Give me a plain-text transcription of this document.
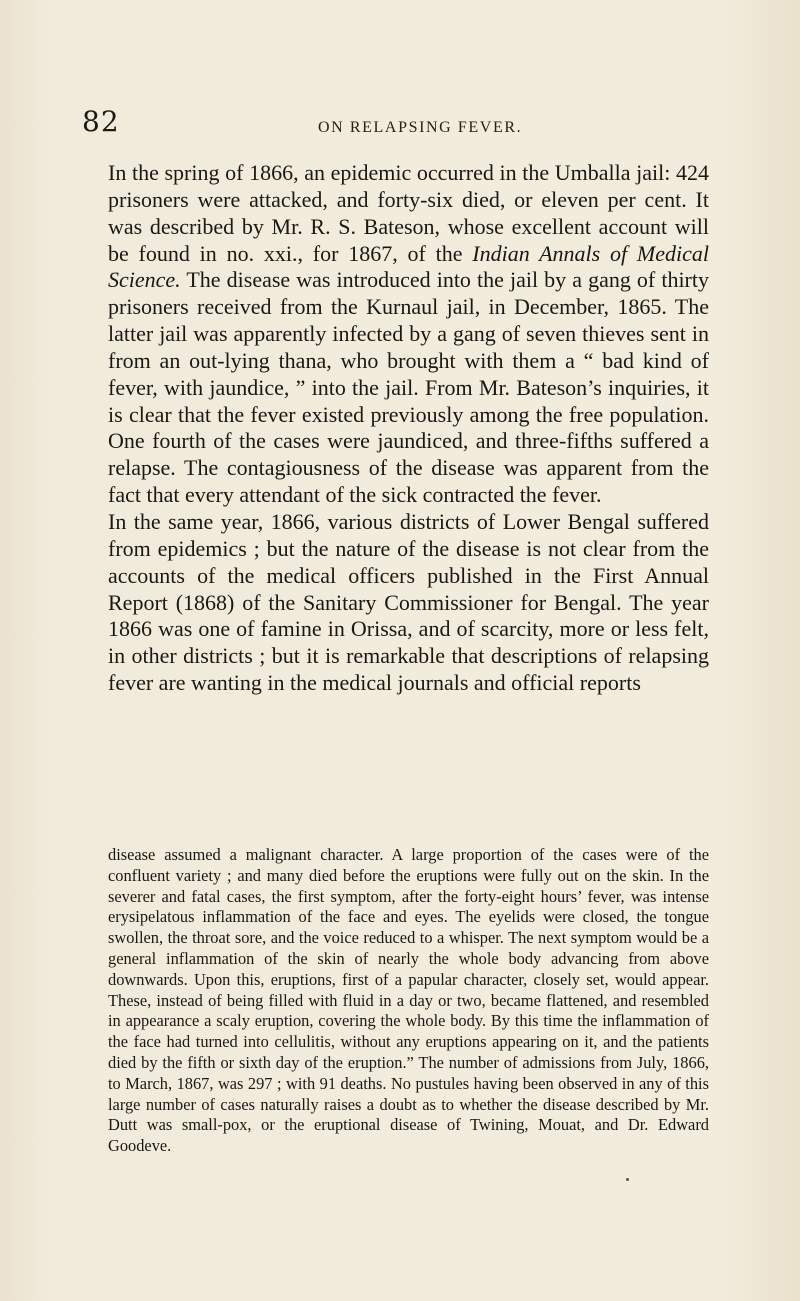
82	ON RELAPSING FEVER.

In the spring of 1866, an epidemic occurred in the Umballa jail: 424 prisoners were attacked, and forty-six died, or eleven per cent. It was described by Mr. R. S. Bateson, whose excellent account will be found in no. xxi., for 1867, of the Indian Annals of Medical Science. The disease was introduced into the jail by a gang of thirty prisoners received from the Kurnaul jail, in December, 1865. The latter jail was apparently infected by a gang of seven thieves sent in from an out-lying thana, who brought with them a “ bad kind of fever, with jaundice, ” into the jail. From Mr. Bateson’s inquiries, it is clear that the fever existed previously among the free population. One fourth of the cases were jaundiced, and three-fifths suffered a relapse. The contagiousness of the disease was apparent from the fact that every attendant of the sick contracted the fever.

In the same year, 1866, various districts of Lower Bengal suffered from epidemics ; but the nature of the disease is not clear from the accounts of the medical officers published in the First Annual Report (1868) of the Sanitary Commissioner for Bengal. The year 1866 was one of famine in Orissa, and of scarcity, more or less felt, in other districts ; but it is remarkable that descriptions of relapsing fever are wanting in the medical journals and official reports

disease assumed a malignant character. A large proportion of the cases were of the confluent variety ; and many died before the eruptions were fully out on the skin. In the severer and fatal cases, the first symptom, after the forty-eight hours’ fever, was intense erysipelatous inflammation of the face and eyes. The eyelids were closed, the tongue swollen, the throat sore, and the voice reduced to a whisper. The next symptom would be a general inflammation of the skin of nearly the whole body advancing from above downwards. Upon this, eruptions, first of a papular character, closely set, would appear. These, instead of being filled with fluid in a day or two, became flattened, and resembled in appearance a scaly eruption, covering the whole body. By this time the inflammation of the face had turned into cellulitis, without any eruptions appearing on it, and the patients died by the fifth or sixth day of the eruption.” The number of admissions from July, 1866, to March, 1867, was 297 ; with 91 deaths. No pustules having been observed in any of this large number of cases naturally raises a doubt as to whether the disease described by Mr. Dutt was small-pox, or the eruptional disease of Twining, Mouat, and Dr. Edward Goodeve.
